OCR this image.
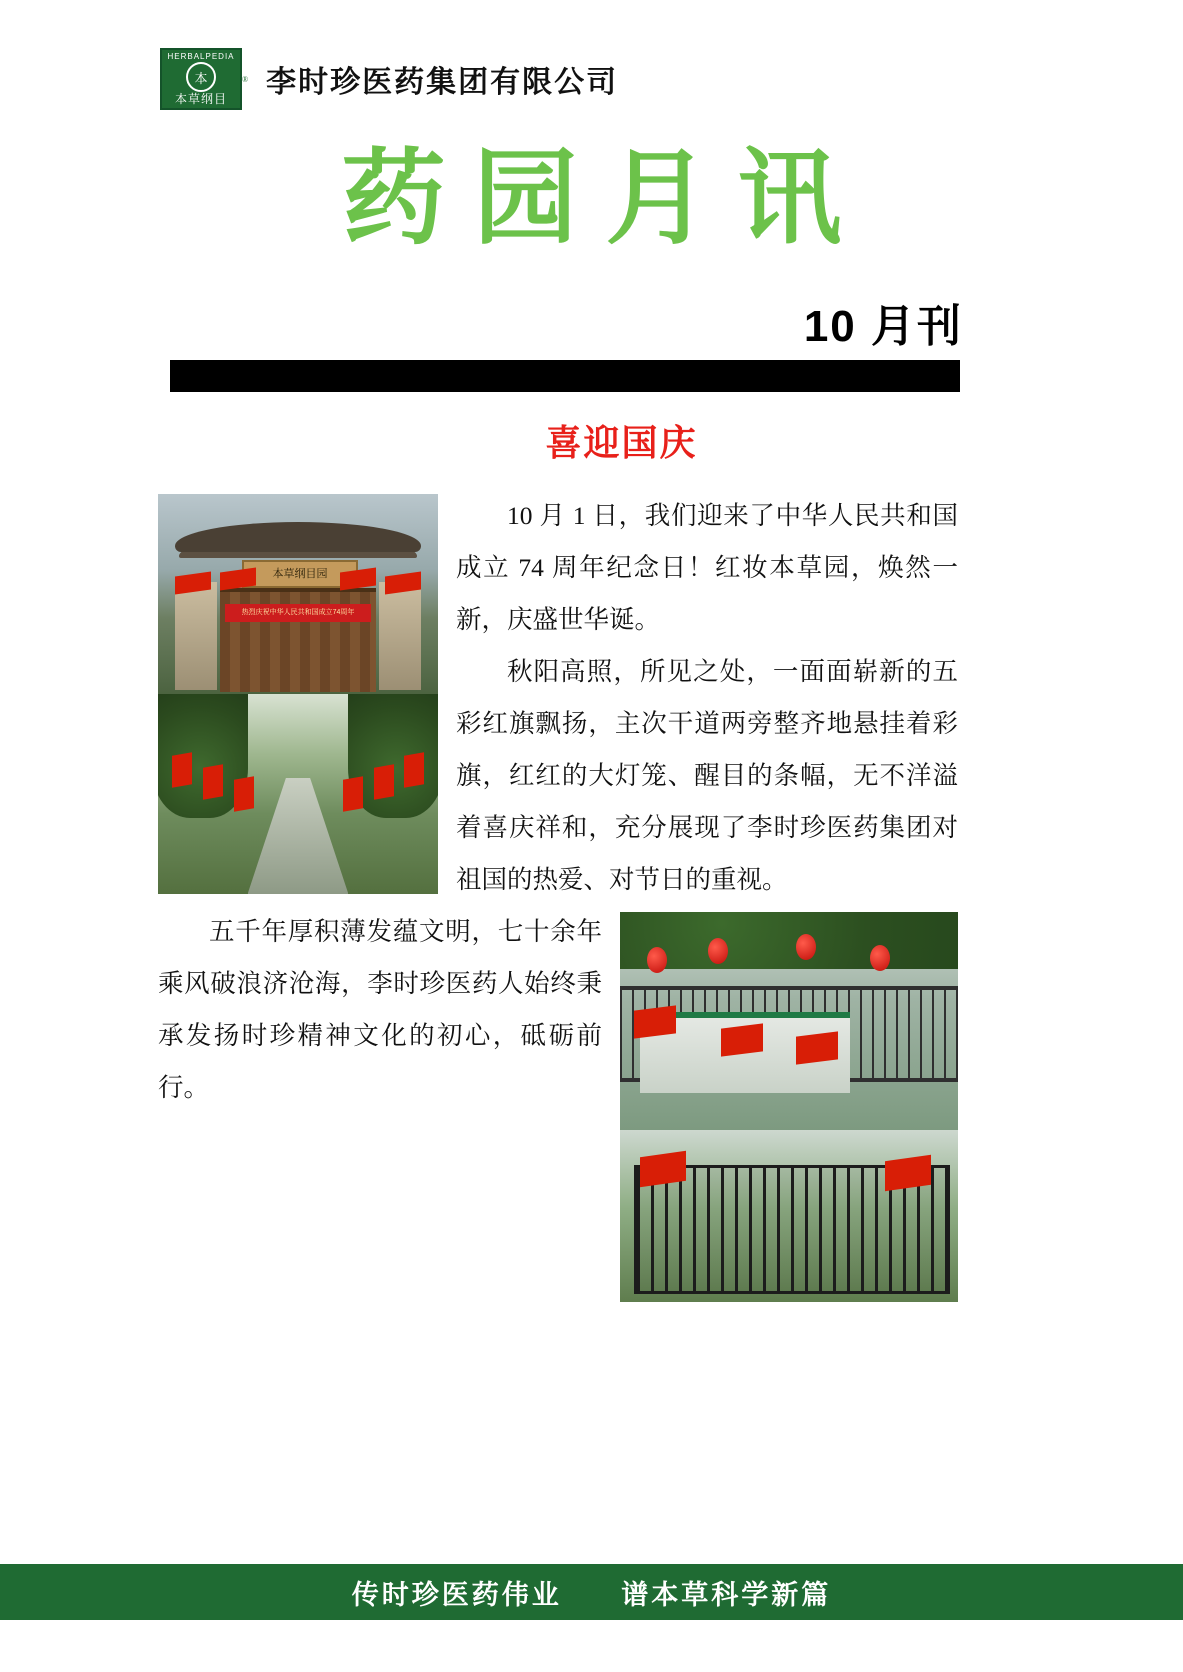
HERBALPEDIA
本
本草纲目
® 李时珍医药集团有限公司
药园月讯
10 月刊
喜迎国庆
本草纲目园
热烈庆祝中华人民共和国成立74周年

10 月 1 日，我们迎来了中华人民共和国成立 74 周年纪念日！红妆本草园，焕然一新，庆盛世华诞。

秋阳高照，所见之处，一面面崭新的五彩红旗飘扬，主次干道两旁整齐地悬挂着彩旗，红红的大灯笼、醒目的条幅，无不洋溢着喜庆祥和，充分展现了李时珍医药集团对祖国的热爱、对节日的重视。

五千年厚积薄发蕴文明，七十余年乘风破浪济沧海，李时珍医药人始终秉承发扬时珍精神文化的初心，砥砺前行。

传时珍医药伟业 谱本草科学新篇
